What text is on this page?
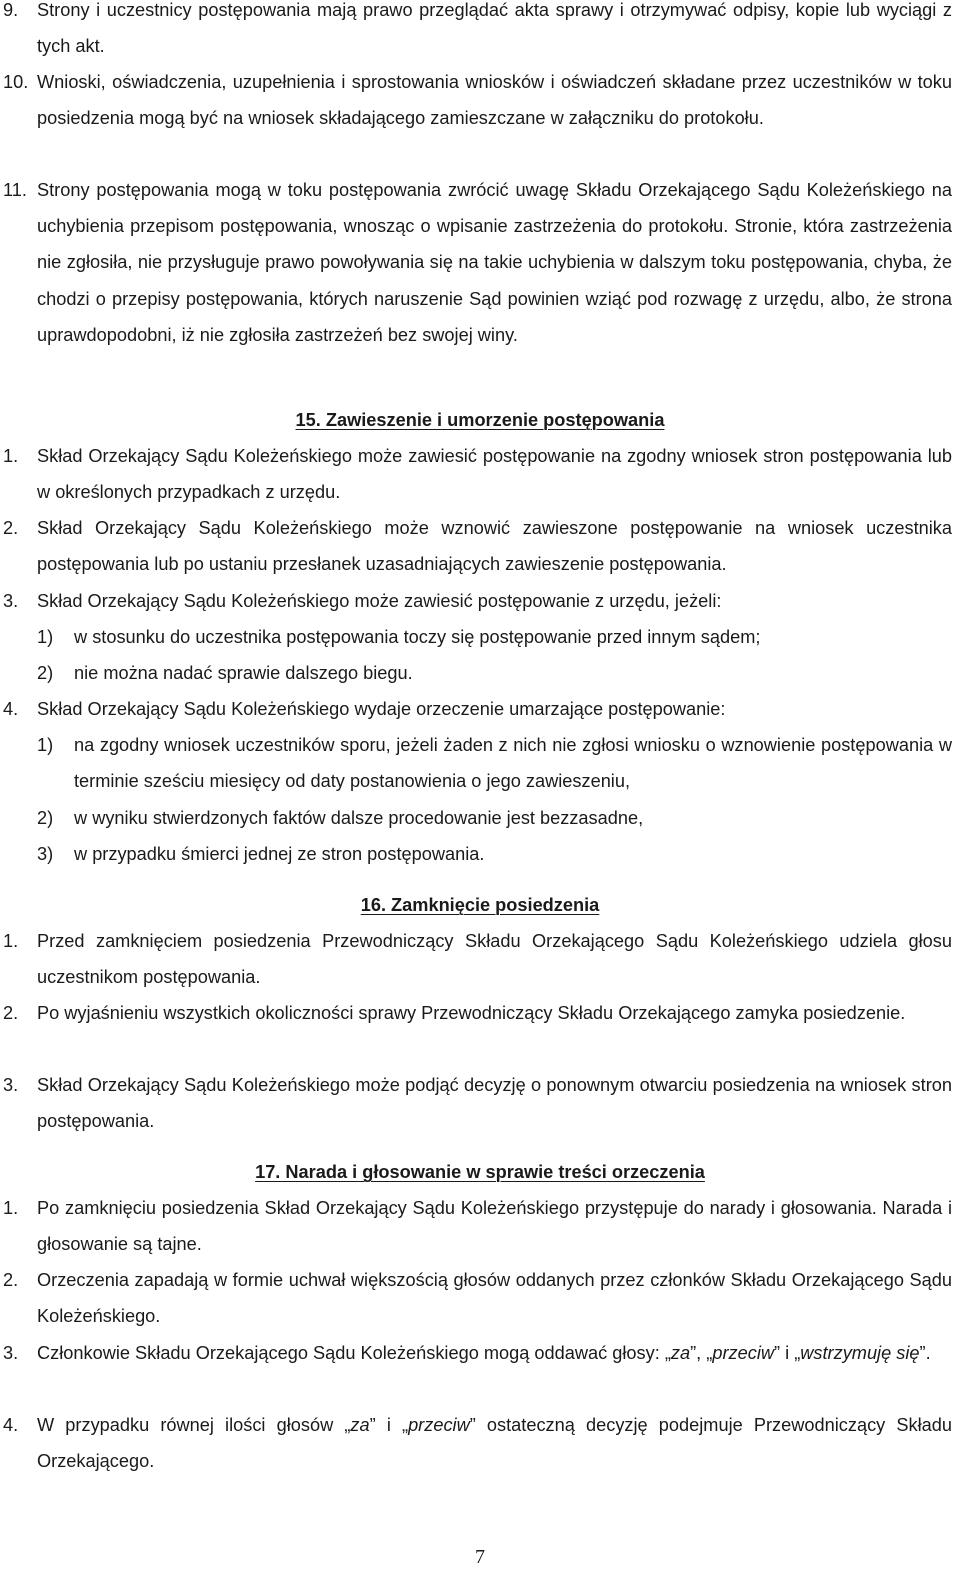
9. Strony i uczestnicy postępowania mają prawo przeglądać akta sprawy i otrzymywać odpisy, kopie lub wyciągi z tych akt.
10. Wnioski, oświadczenia, uzupełnienia i sprostowania wniosków i oświadczeń składane przez uczestników w toku posiedzenia mogą być na wniosek składającego zamieszczane w załączniku do protokołu.
11. Strony postępowania mogą w toku postępowania zwrócić uwagę Składu Orzekającego Sądu Koleżeńskiego na uchybienia przepisom postępowania, wnosząc o wpisanie zastrzeżenia do protokołu. Stronie, która zastrzeżenia nie zgłosiła, nie przysługuje prawo powoływania się na takie uchybienia w dalszym toku postępowania, chyba, że chodzi o przepisy postępowania, których naruszenie Sąd powinien wziąć pod rozwagę z urzędu, albo, że strona uprawdopodobni, iż nie zgłosiła zastrzeżeń bez swojej winy.
15. Zawieszenie i umorzenie postępowania
1. Skład Orzekający Sądu Koleżeńskiego może zawiesić postępowanie na zgodny wniosek stron postępowania lub w określonych przypadkach z urzędu.
2. Skład Orzekający Sądu Koleżeńskiego może wznowić zawieszone postępowanie na wniosek uczestnika postępowania lub po ustaniu przesłanek uzasadniających zawieszenie postępowania.
3. Skład Orzekający Sądu Koleżeńskiego może zawiesić postępowanie z urzędu, jeżeli:
1) w stosunku do uczestnika postępowania toczy się postępowanie przed innym sądem;
2) nie można nadać sprawie dalszego biegu.
4. Skład Orzekający Sądu Koleżeńskiego wydaje orzeczenie umarzające postępowanie:
1) na zgodny wniosek uczestników sporu, jeżeli żaden z nich nie zgłosi wniosku o wznowienie postępowania w terminie sześciu miesięcy od daty postanowienia o jego zawieszeniu,
2) w wyniku stwierdzonych faktów dalsze procedowanie jest bezzasadne,
3) w przypadku śmierci jednej ze stron postępowania.
16. Zamknięcie posiedzenia
1. Przed zamknięciem posiedzenia Przewodniczący Składu Orzekającego Sądu Koleżeńskiego udziela głosu uczestnikom postępowania.
2. Po wyjaśnieniu wszystkich okoliczności sprawy Przewodniczący Składu Orzekającego zamyka posiedzenie.
3. Skład Orzekający Sądu Koleżeńskiego może podjąć decyzję o ponownym otwarciu posiedzenia na wniosek stron postępowania.
17. Narada i głosowanie w sprawie treści orzeczenia
1. Po zamknięciu posiedzenia Skład Orzekający Sądu Koleżeńskiego przystępuje do narady i głosowania. Narada i głosowanie są tajne.
2. Orzeczenia zapadają w formie uchwał większością głosów oddanych przez członków Składu Orzekającego Sądu Koleżeńskiego.
3. Członkowie Składu Orzekającego Sądu Koleżeńskiego mogą oddawać głosy: „za”, „przeciw” i „wstrzymuję się”.
4. W przypadku równej ilości głosów „za” i „przeciw” ostateczną decyzję podejmuje Przewodniczący Składu Orzekającego.
7
